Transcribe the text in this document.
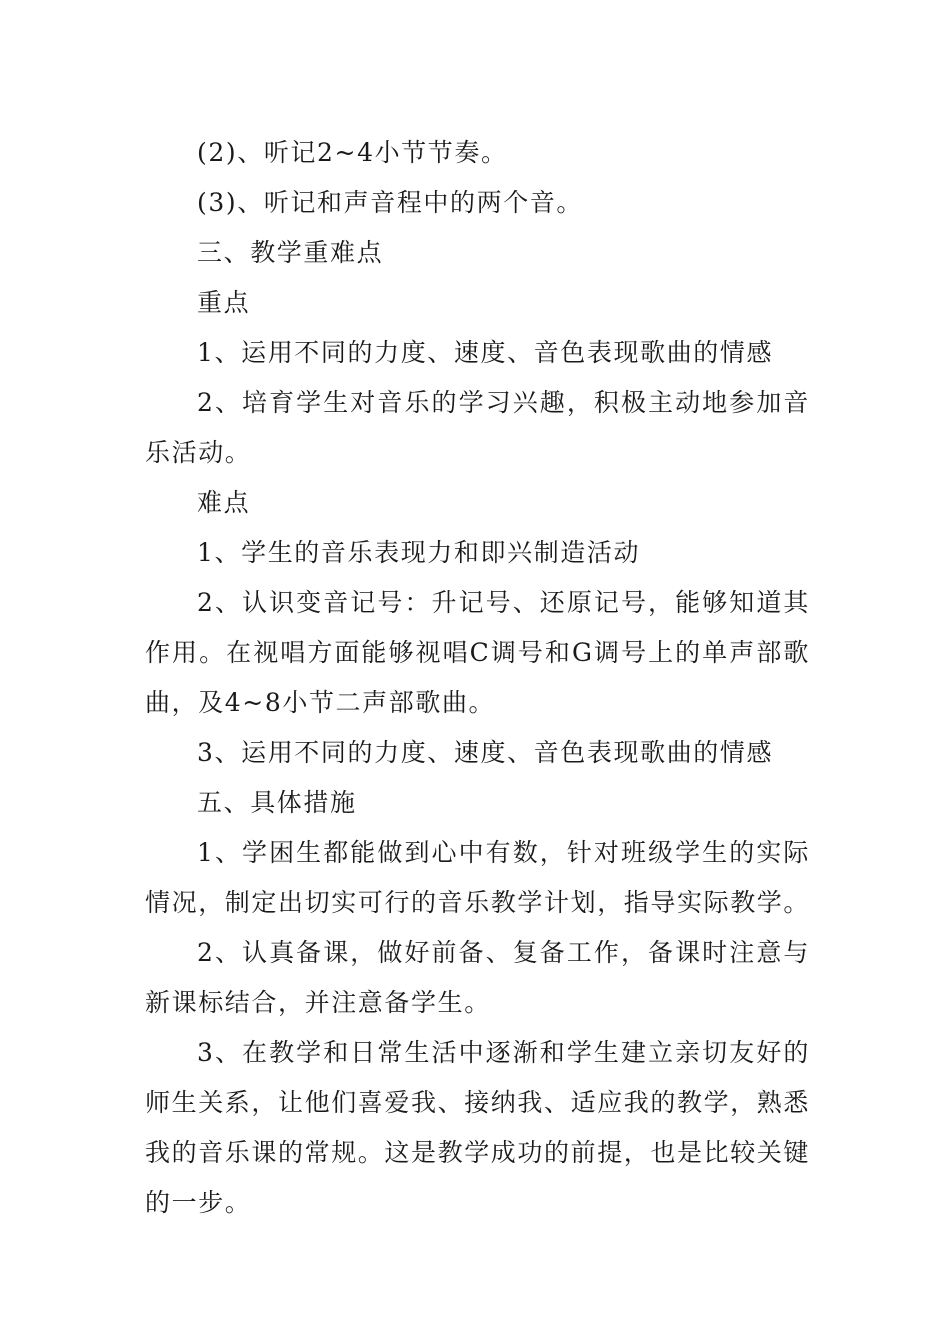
(2)、听记2~4小节节奏。

(3)、听记和声音程中的两个音。

三、教学重难点

重点

1、运用不同的力度、速度、音色表现歌曲的情感

2、培育学生对音乐的学习兴趣，积极主动地参加音乐活动。

难点

1、学生的音乐表现力和即兴制造活动

2、认识变音记号：升记号、还原记号，能够知道其作用。在视唱方面能够视唱C调号和G调号上的单声部歌曲，及4~8小节二声部歌曲。

3、运用不同的力度、速度、音色表现歌曲的情感

五、具体措施

1、学困生都能做到心中有数，针对班级学生的实际情况，制定出切实可行的音乐教学计划，指导实际教学。

2、认真备课，做好前备、复备工作，备课时注意与新课标结合，并注意备学生。

3、在教学和日常生活中逐渐和学生建立亲切友好的师生关系，让他们喜爱我、接纳我、适应我的教学，熟悉我的音乐课的常规。这是教学成功的前提，也是比较关键的一步。
